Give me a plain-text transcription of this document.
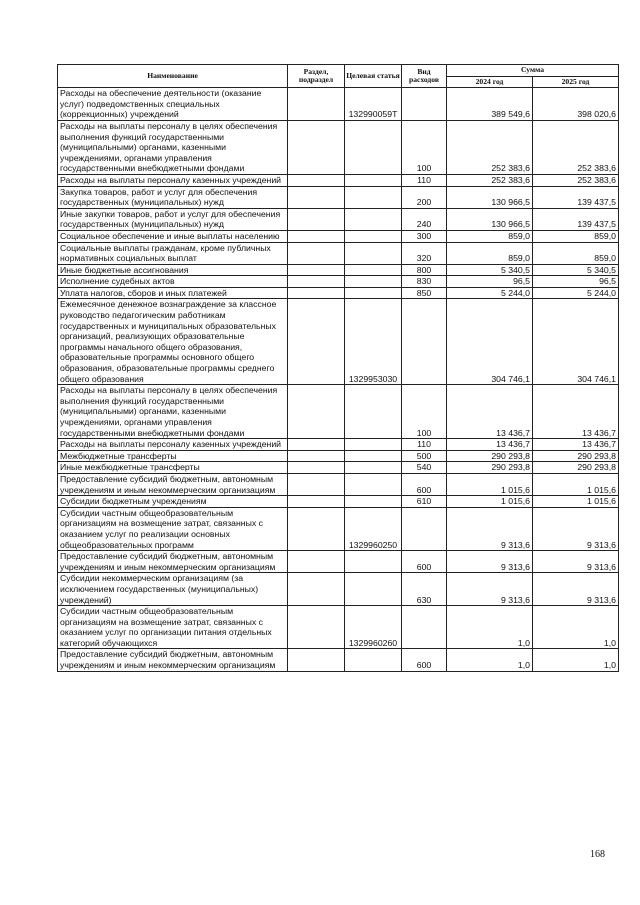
Наименование	Раздел, подраздел	Целевая статья	Вид расходов	Сумма	
				2024 год	2025 год
Расходы на обеспечение деятельности (оказание услуг) подведомственных специальных (коррекционных) учреждений		132990059Т		389 549,6	398 020,6
Расходы на выплаты персоналу в целях обеспечения выполнения функций государственными (муниципальными) органами, казенными учреждениями, органами управления государственными внебюджетными фондами			100	252 383,6	252 383,6
Расходы на выплаты персоналу казенных учреждений			110	252 383,6	252 383,6
Закупка товаров, работ и услуг для обеспечения государственных (муниципальных) нужд			200	130 966,5	139 437,5
Иные закупки товаров, работ и услуг для обеспечения государственных (муниципальных) нужд			240	130 966,5	139 437,5
Социальное обеспечение и иные выплаты населению			300	859,0	859,0
Социальные выплаты гражданам, кроме публичных нормативных социальных выплат			320	859,0	859,0
Иные бюджетные ассигнования			800	5 340,5	5 340,5
Исполнение судебных актов			830	96,5	96,5
Уплата налогов, сборов и иных платежей			850	5 244,0	5 244,0
Ежемесячное денежное вознаграждение за классное руководство педагогическим работникам государственных и муниципальных образовательных организаций, реализующих образовательные программы начального общего образования, образовательные программы основного общего образования, образовательные программы среднего общего образования		1329953030		304 746,1	304 746,1
Расходы на выплаты персоналу в целях обеспечения выполнения функций государственными (муниципальными) органами, казенными учреждениями, органами управления государственными внебюджетными фондами			100	13 436,7	13 436,7
Расходы на выплаты персоналу казенных учреждений			110	13 436,7	13 436,7
Межбюджетные трансферты			500	290 293,8	290 293,8
Иные межбюджетные трансферты			540	290 293,8	290 293,8
Предоставление субсидий бюджетным, автономным учреждениям и иным некоммерческим организациям			600	1 015,6	1 015,6
Субсидии бюджетным учреждениям			610	1 015,6	1 015,6
Субсидии частным общеобразовательным организациям на возмещение затрат, связанных с оказанием услуг по реализации основных общеобразовательных программ		1329960250		9 313,6	9 313,6
Предоставление субсидий бюджетным, автономным учреждениям и иным некоммерческим организациям			600	9 313,6	9 313,6
Субсидии некоммерческим организациям (за исключением государственных (муниципальных) учреждений)			630	9 313,6	9 313,6
Субсидии частным общеобразовательным организациям на возмещение затрат, связанных с оказанием услуг по организации питания отдельных категорий обучающихся		1329960260		1,0	1,0
Предоставление субсидий бюджетным, автономным учреждениям и иным некоммерческим организациям			600	1,0	1,0
168
